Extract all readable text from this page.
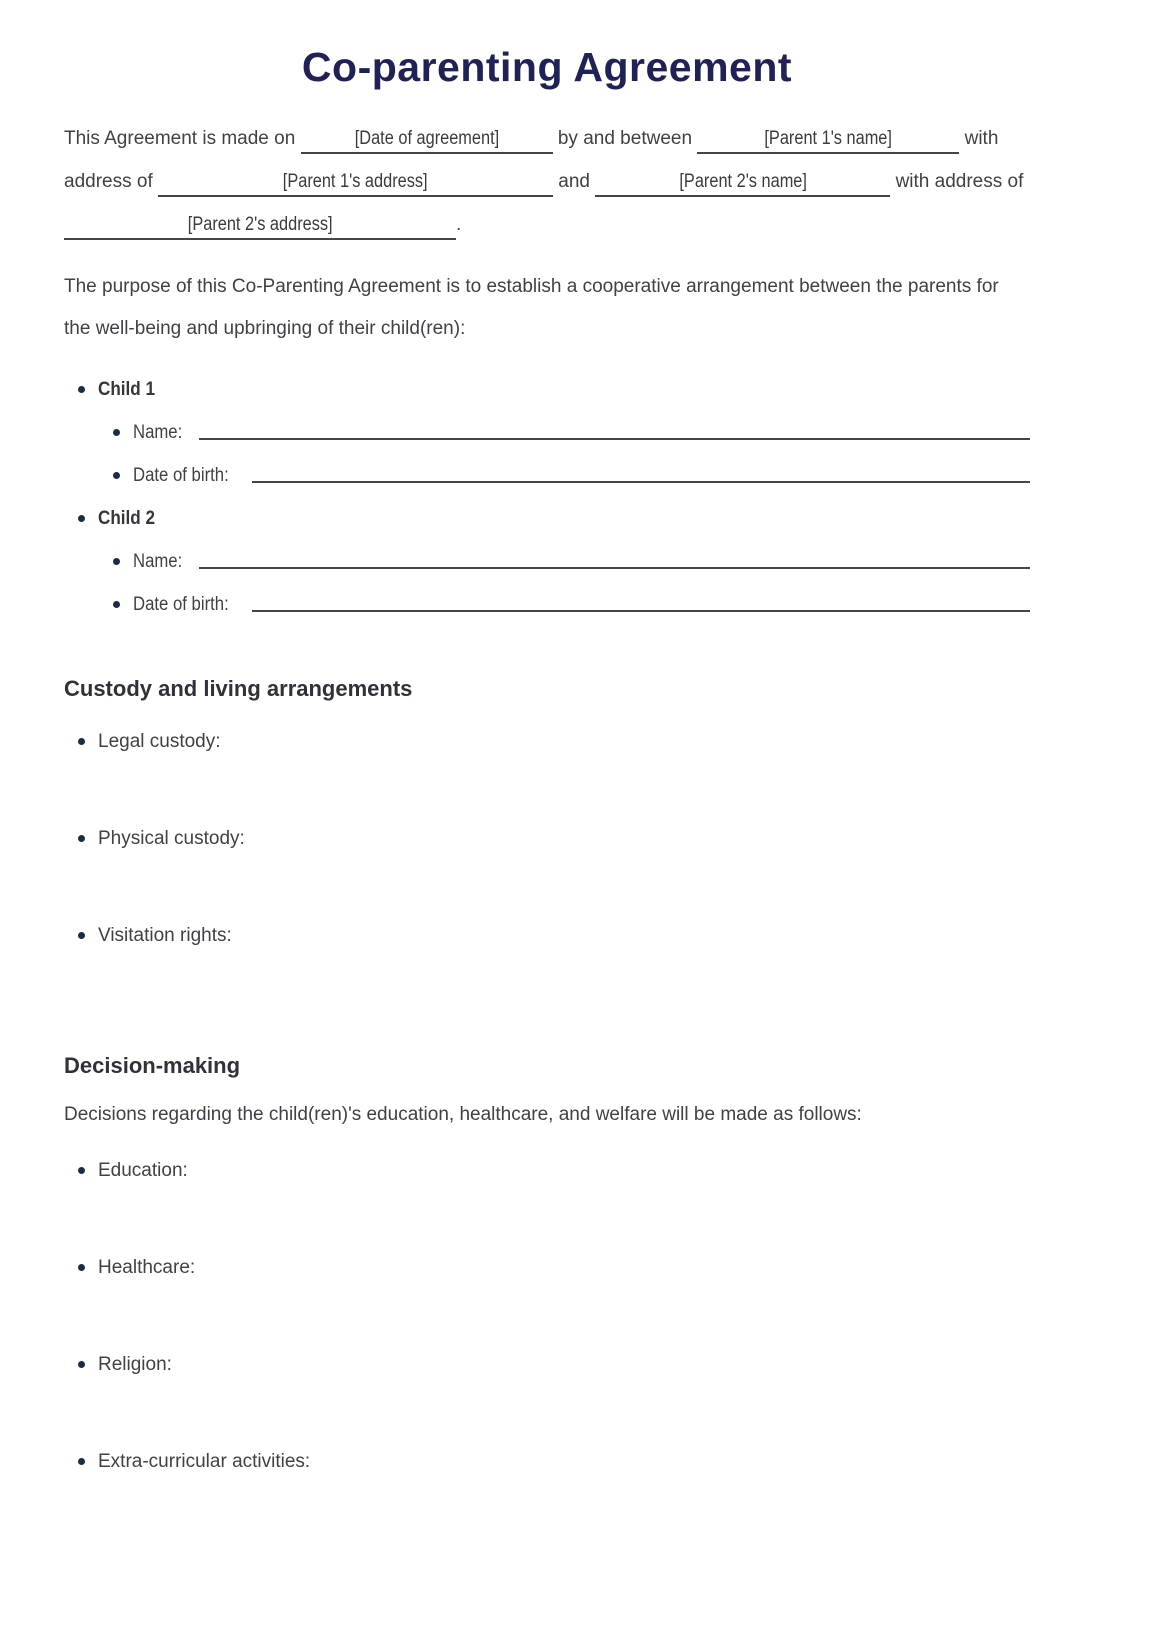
Co-parenting Agreement

This Agreement is made on	[Date of agreement]	by and between	[Parent 1's name]	with address of	[Parent 1's address]	and	[Parent 2's name]	with address of [Parent 2's address]	.

The purpose of this Co-Parenting Agreement is to establish a cooperative arrangement between the parents for the well-being and upbringing of their child(ren):

Child 1
Name:
Date of birth:
Child 2
Name:
Date of birth:
Custody and living arrangements
Legal custody:
Physical custody:
Visitation rights:
Decision-making

Decisions regarding the child(ren)'s education, healthcare, and welfare will be made as follows:

Education:
Healthcare:
Religion:
Extra-curricular activities:
